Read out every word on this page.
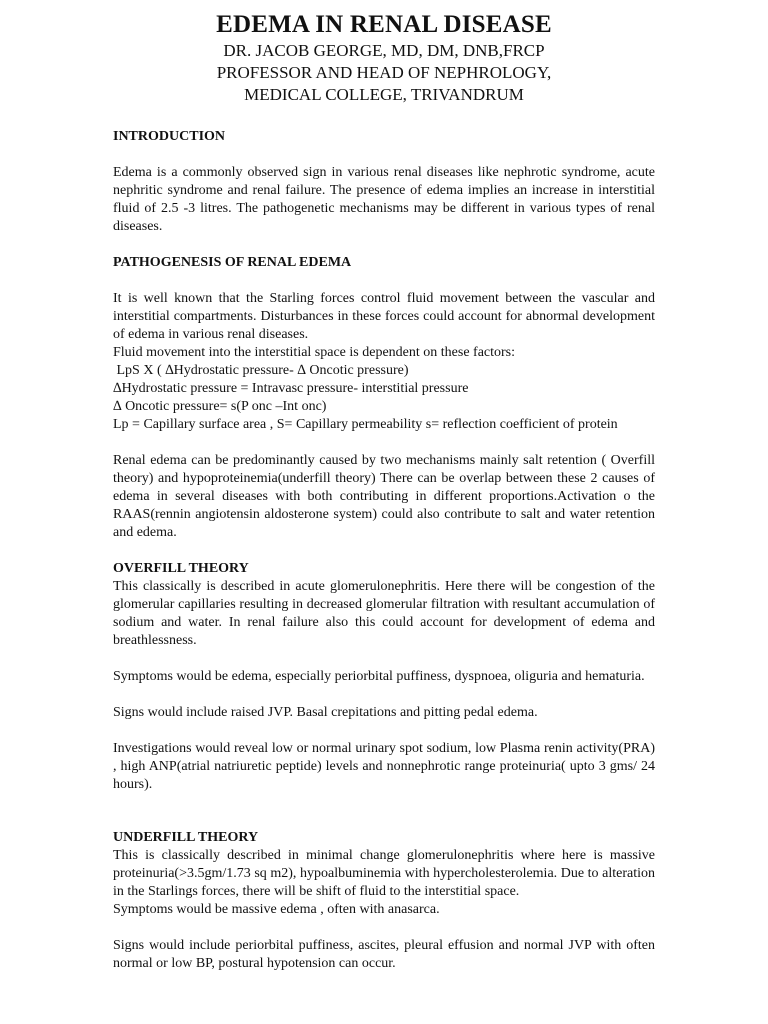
EDEMA IN RENAL DISEASE

DR. JACOB GEORGE, MD, DM, DNB,FRCP

PROFESSOR AND HEAD OF NEPHROLOGY,

MEDICAL COLLEGE, TRIVANDRUM

INTRODUCTION

Edema is a commonly observed sign in various renal diseases like nephrotic syndrome, acute nephritic syndrome and renal failure. The presence of edema implies an increase in interstitial fluid of 2.5 -3 litres. The pathogenetic mechanisms may be different in various types of renal diseases.

PATHOGENESIS OF RENAL EDEMA

It is well known that the Starling forces control fluid movement between the vascular and interstitial compartments. Disturbances in these forces could account for abnormal development of edema in various renal diseases.

Fluid movement into the interstitial space is dependent on these factors:

LpS X ( ∆Hydrostatic pressure- ∆ Oncotic pressure)

∆Hydrostatic pressure = Intravasc pressure- interstitial pressure

∆ Oncotic pressure= s(P onc –Int onc)

Lp = Capillary surface area , S= Capillary permeability s= reflection coefficient of protein

Renal edema can be predominantly caused by two mechanisms mainly salt retention ( Overfill theory) and hypoproteinemia(underfill theory) There can be overlap between these 2 causes of edema in several diseases with both contributing in different proportions.Activation o the RAAS(rennin angiotensin aldosterone system) could also contribute to salt and water retention and edema.

OVERFILL THEORY

This classically is described in acute glomerulonephritis. Here there will be congestion of the glomerular capillaries resulting in decreased glomerular filtration with resultant accumulation of sodium and water. In renal failure also this could account for development of edema and breathlessness.

Symptoms would be edema, especially periorbital puffiness, dyspnoea, oliguria and hematuria.

Signs would include raised JVP. Basal crepitations and pitting pedal edema.

Investigations would reveal low or normal urinary spot sodium, low Plasma renin activity(PRA) , high ANP(atrial natriuretic peptide) levels and nonnephrotic range proteinuria( upto 3 gms/ 24 hours).

UNDERFILL THEORY

This is classically described in minimal change glomerulonephritis where here is massive proteinuria(>3.5gm/1.73 sq m2), hypoalbuminemia with hypercholesterolemia. Due to alteration in the Starlings forces, there will be shift of fluid to the interstitial space.

Symptoms would be massive edema , often with anasarca.

Signs would include periorbital puffiness, ascites, pleural effusion and normal JVP with often normal or low BP, postural hypotension can occur.
